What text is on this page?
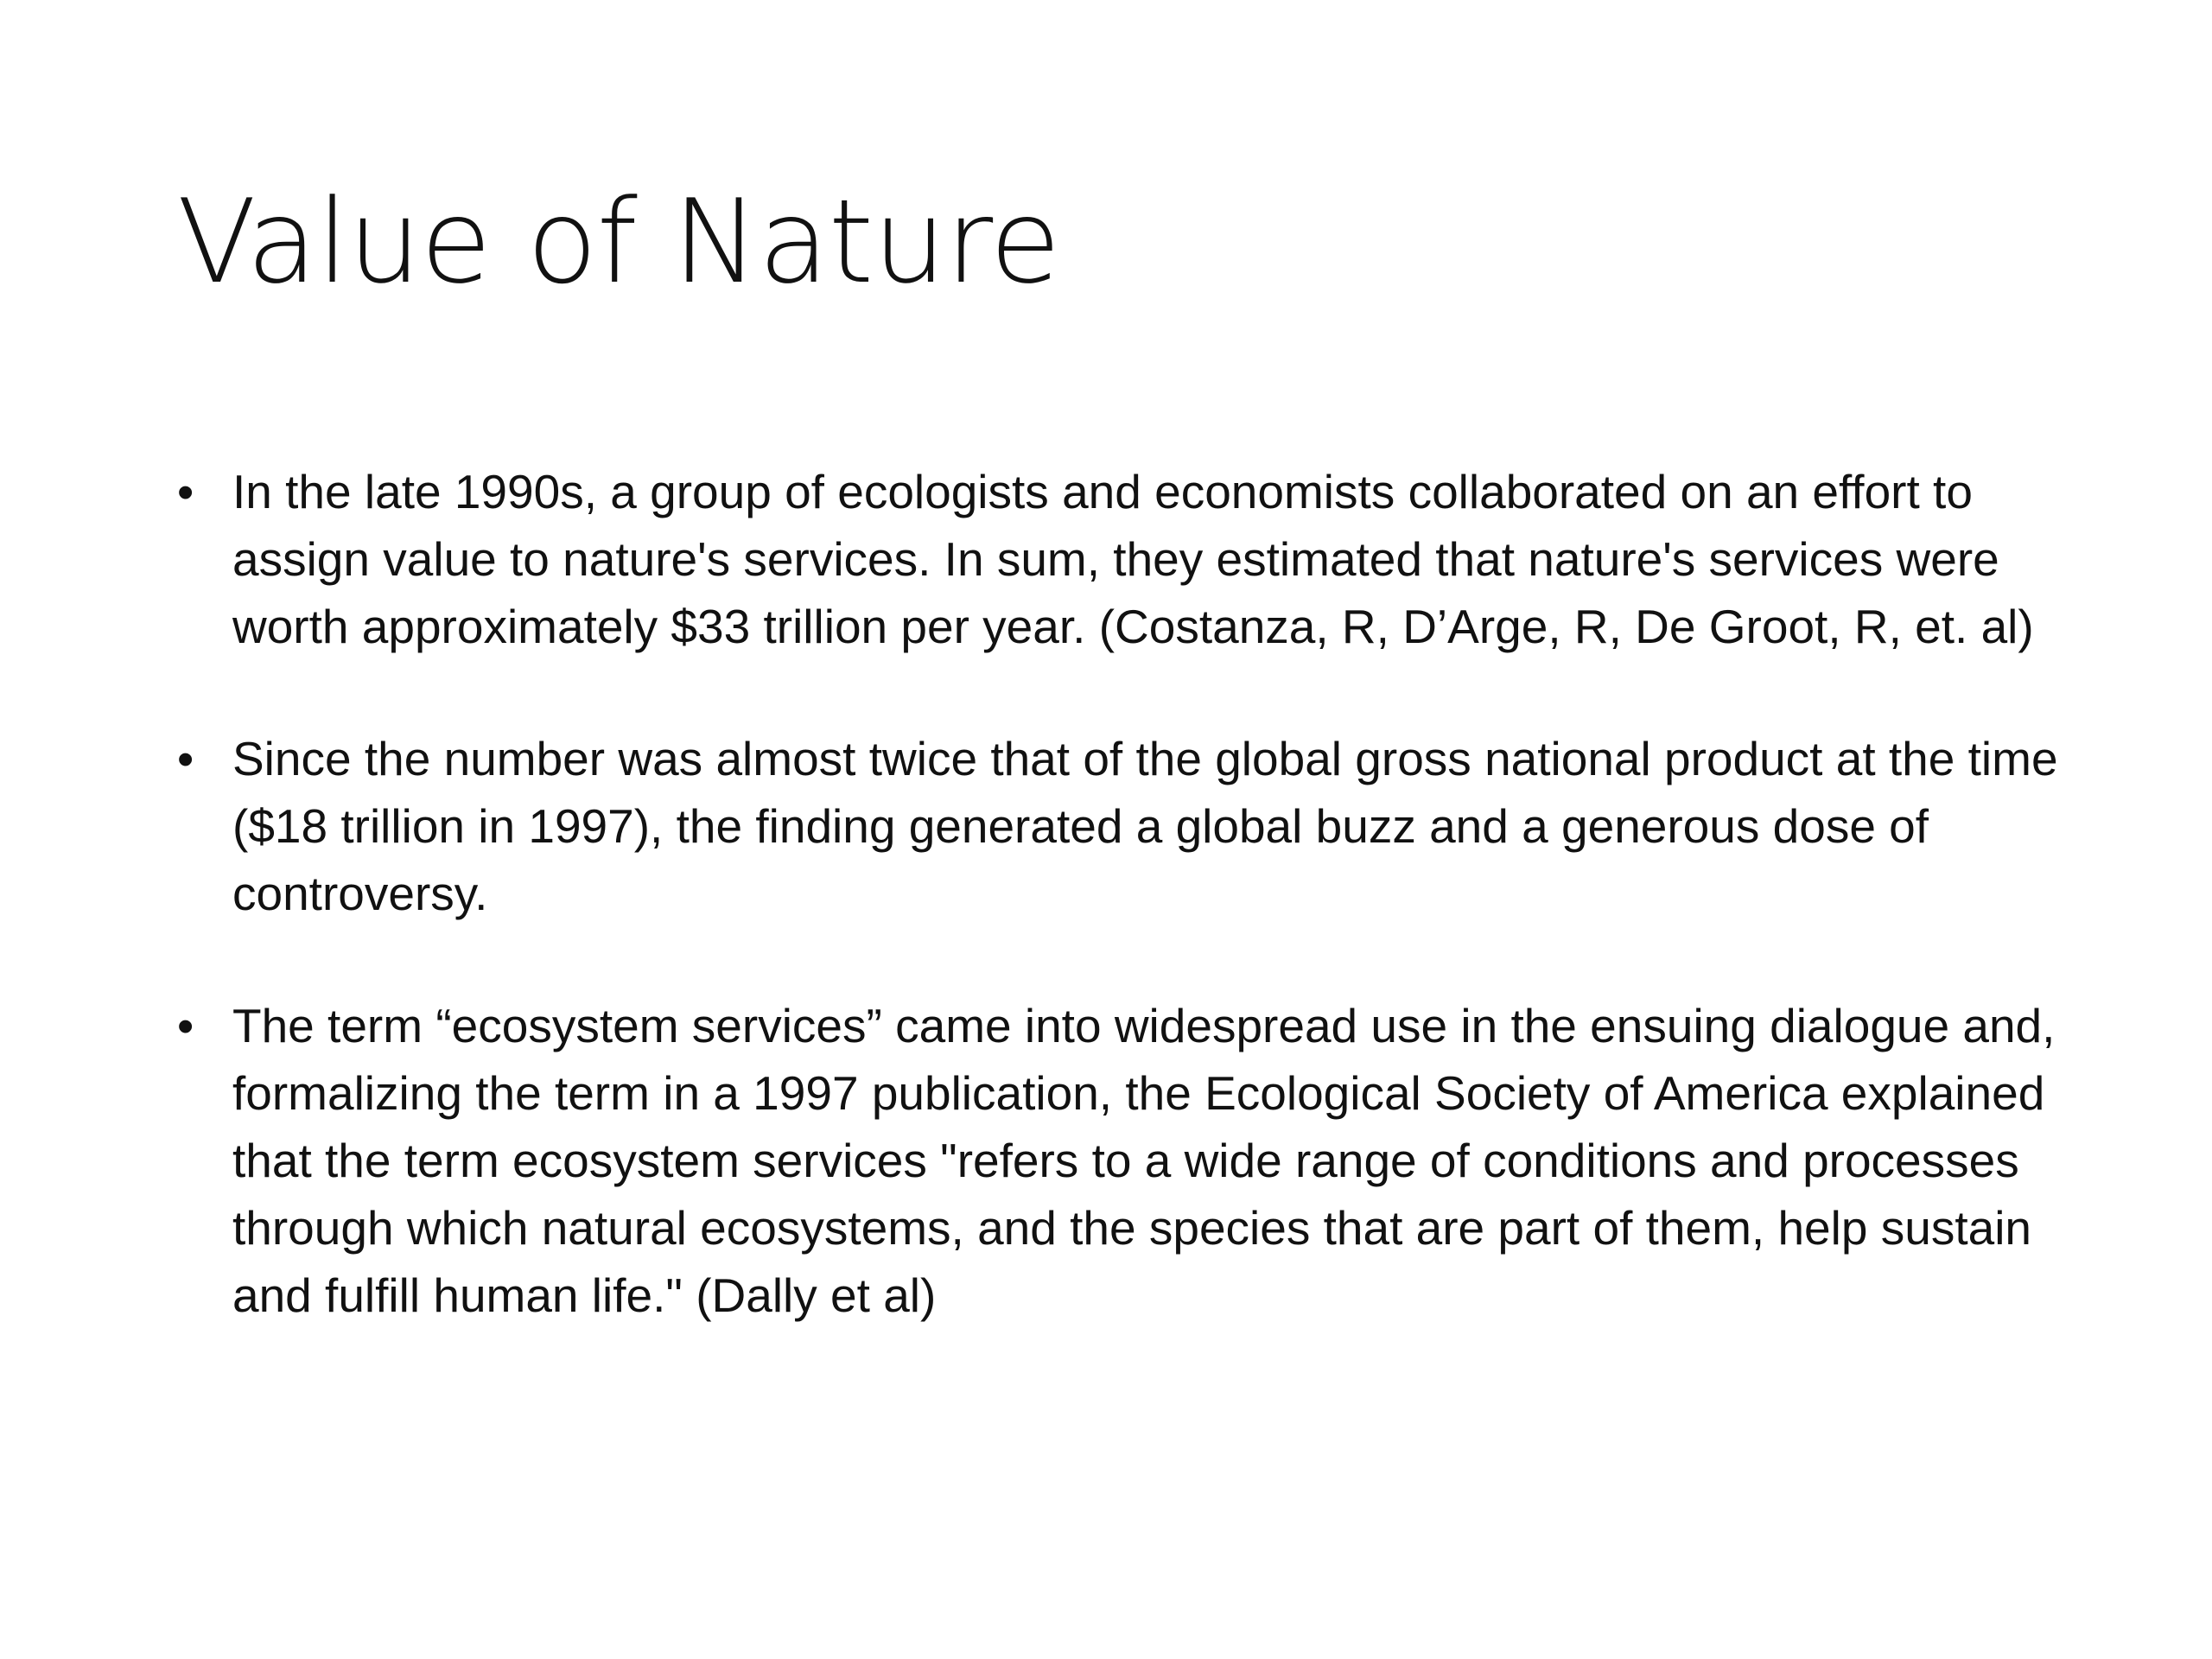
Value of Nature
• In the late 1990s, a group of ecologists and economists collaborated on an effort to assign value to nature's services. In sum, they estimated that nature's services were worth approximately $33 trillion per year. (Costanza, R, D’Arge, R, De Groot, R, et. al)
• Since the number was almost twice that of the global gross national product at the time ($18 trillion in 1997), the finding generated a global buzz and a generous dose of controversy.
• The term “ecosystem services” came into widespread use in the ensuing dialogue and, formalizing the term in a 1997 publication, the Ecological Society of America explained that the term ecosystem services "refers to a wide range of conditions and processes through which natural ecosystems, and the species that are part of them, help sustain and fulfill human life." (Dally et al)
